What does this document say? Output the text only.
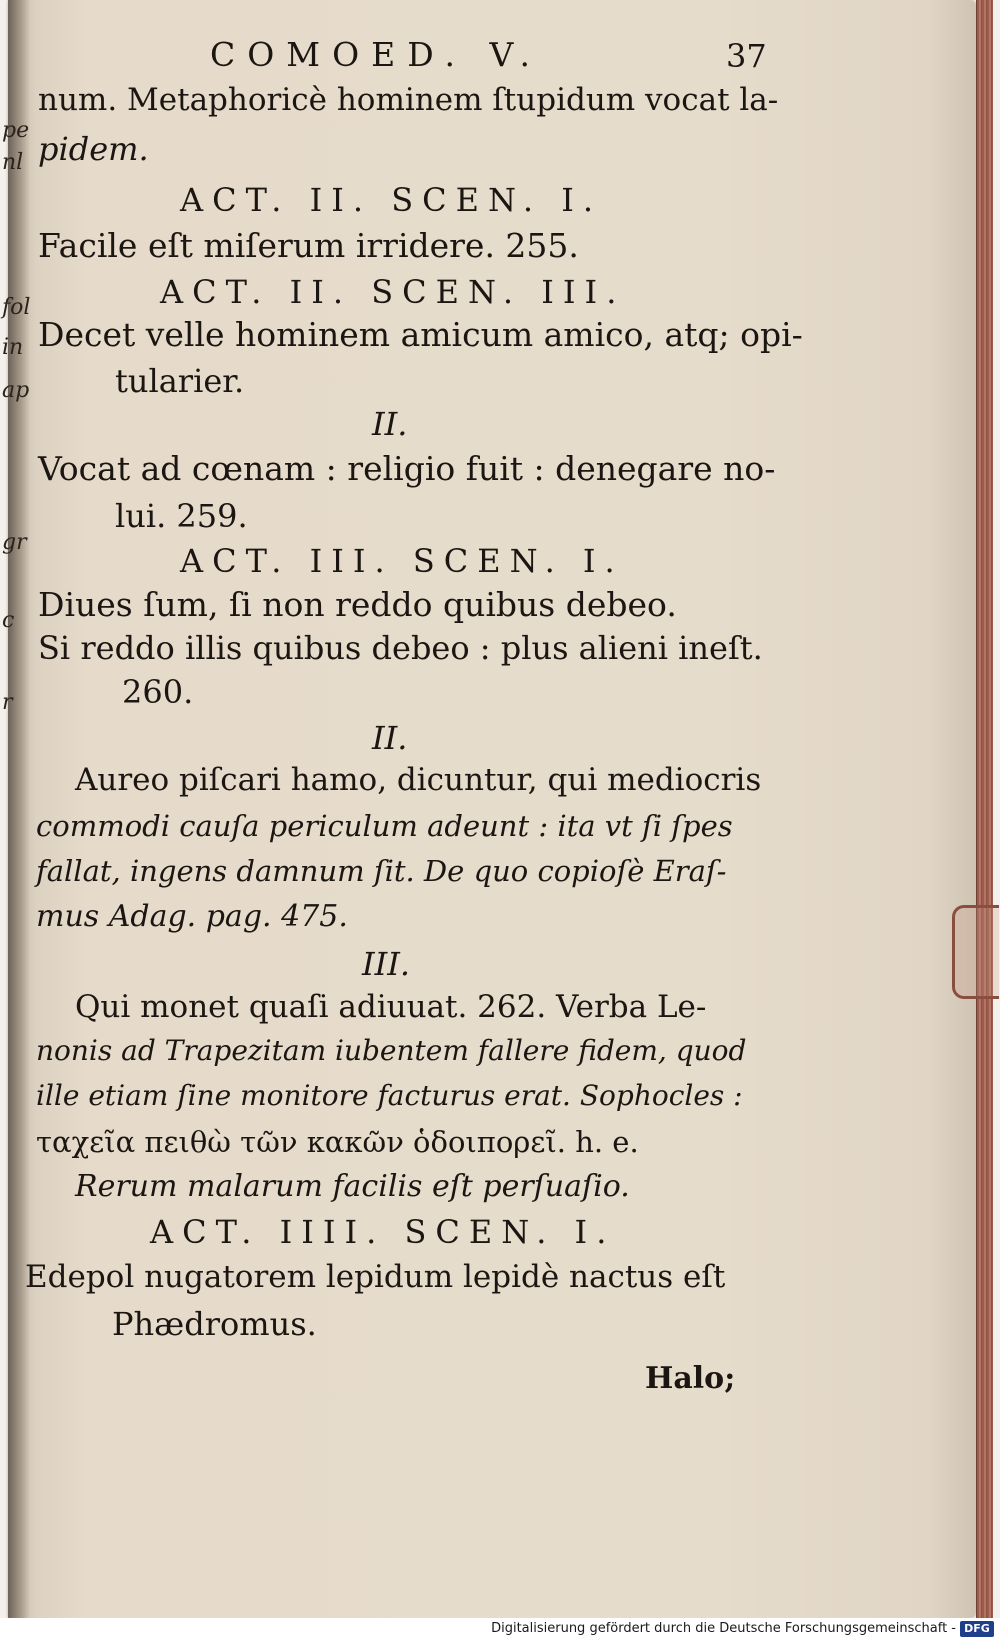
pe
nl
fol
in
ap
gr
c
r
COMOED. V.	37
num. Metaphoricè hominem ſtupidum vocat la-
pidem.
ACT. II. SCEN. I.
Facile eſt miſerum irridere. 255.
ACT. II. SCEN. III.
Decet velle hominem amicum amico, atq; opi-
tularier.
II.
Vocat ad cœnam : religio fuit : denegare no-
lui. 259.
ACT. III. SCEN. I.
Diues ſum, ſi non reddo quibus debeo.
Si reddo illis quibus debeo : plus alieni ineſt.
260.
II.
Aureo piſcari hamo, dicuntur, qui mediocris
commodi cauſa periculum adeunt : ita vt ſi ſpes
fallat, ingens damnum ſit. De quo copioſè Eraſ-
mus Adag. pag. 475.
III.
Qui monet quaſi adiuuat. 262. Verba Le-
nonis ad Trapezitam iubentem fallere fidem, quod
ille etiam ſine monitore facturus erat. Sophocles :
ταχεῖα πειθὼ τῶν κακῶν ὁδοιπορεῖ. h. e.
Rerum malarum facilis eſt perſuaſio.
ACT. IIII. SCEN. I.
Edepol nugatorem lepidum lepidè nactus eſt
Phædromus.
Halo;
Digitalisierung gefördert durch die Deutsche Forschungsgemeinschaft - DFG
